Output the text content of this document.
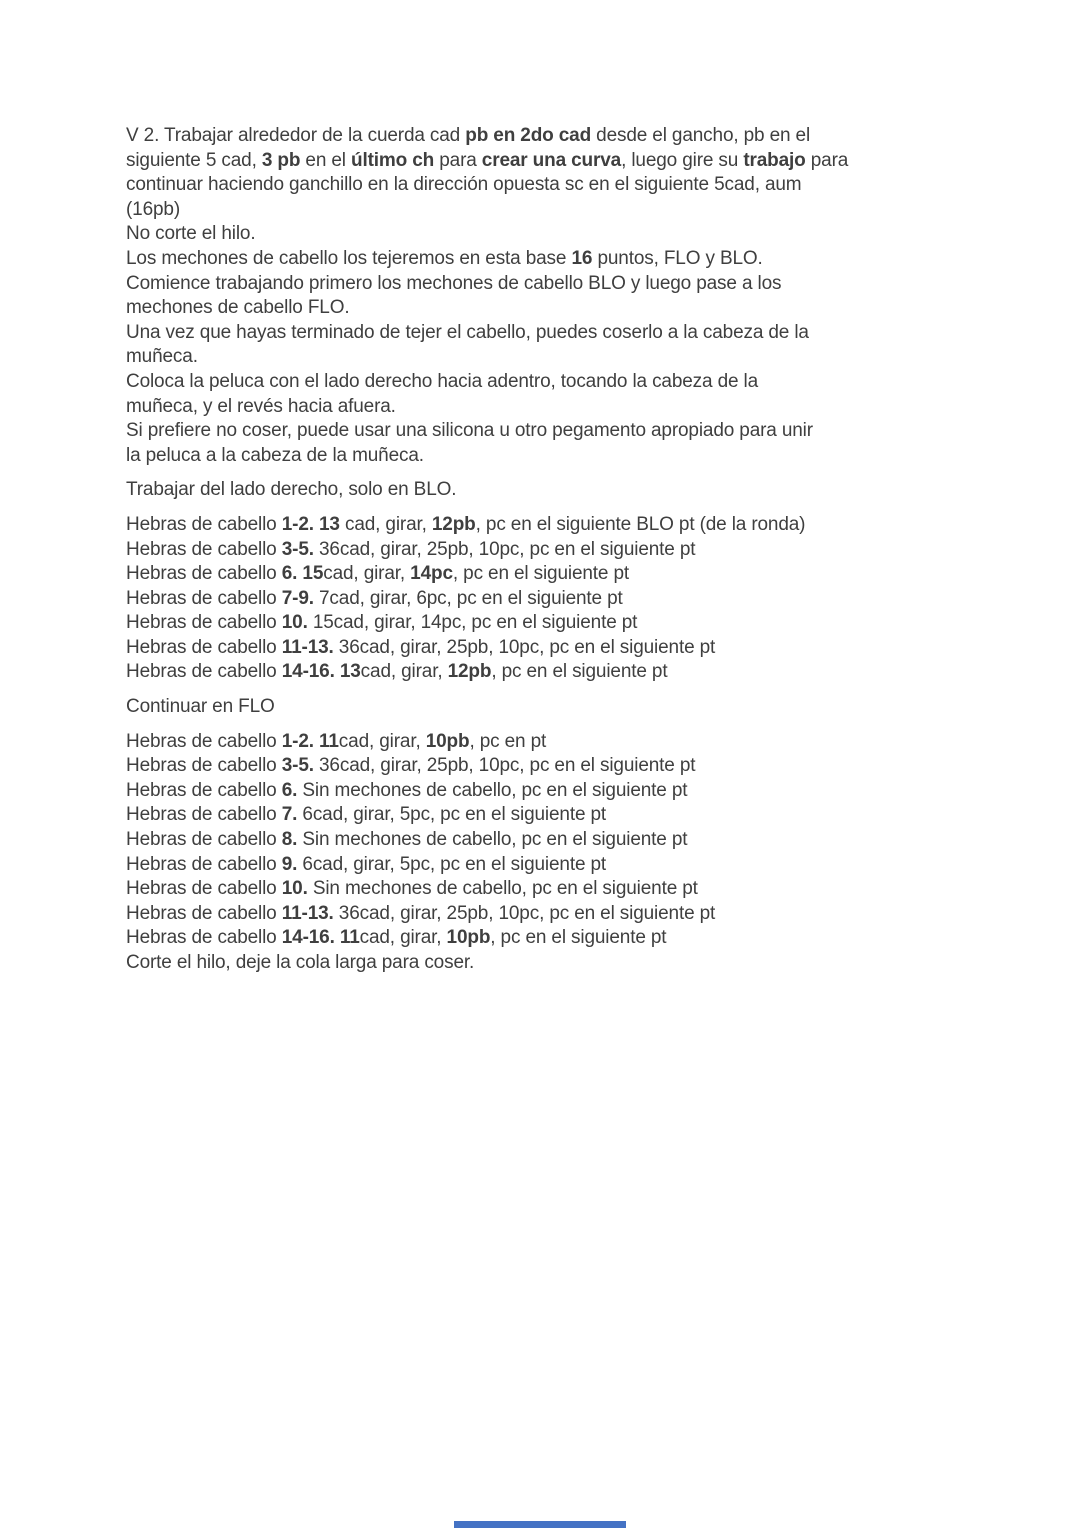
V 2. Trabajar alrededor de la cuerda cad pb en 2do cad desde el gancho, pb en el
siguiente 5 cad, 3 pb en el último ch para crear una curva, luego gire su trabajo para
continuar haciendo ganchillo en la dirección opuesta sc en el siguiente 5cad, aum
(16pb)
No corte el hilo.
Los mechones de cabello los tejeremos en esta base 16 puntos, FLO y BLO.
Comience trabajando primero los mechones de cabello BLO y luego pase a los
mechones de cabello FLO.
Una vez que hayas terminado de tejer el cabello, puedes coserlo a la cabeza de la
muñeca.
Coloca la peluca con el lado derecho hacia adentro, tocando la cabeza de la
muñeca, y el revés hacia afuera.
Si prefiere no coser, puede usar una silicona u otro pegamento apropiado para unir
la peluca a la cabeza de la muñeca.
Trabajar del lado derecho, solo en BLO.
Hebras de cabello 1-2. 13 cad, girar, 12pb, pc en el siguiente BLO pt (de la ronda)
Hebras de cabello 3-5. 36cad, girar, 25pb, 10pc, pc en el siguiente pt
Hebras de cabello 6. 15cad, girar, 14pc, pc en el siguiente pt
Hebras de cabello 7-9. 7cad, girar, 6pc, pc en el siguiente pt
Hebras de cabello 10. 15cad, girar, 14pc, pc en el siguiente pt
Hebras de cabello 11-13. 36cad, girar, 25pb, 10pc, pc en el siguiente pt
Hebras de cabello 14-16. 13cad, girar, 12pb, pc en el siguiente pt
Continuar en FLO
Hebras de cabello 1-2. 11cad, girar, 10pb, pc en pt
Hebras de cabello 3-5. 36cad, girar, 25pb, 10pc, pc en el siguiente pt
Hebras de cabello 6. Sin mechones de cabello, pc en el siguiente pt
Hebras de cabello 7. 6cad, girar, 5pc, pc en el siguiente pt
Hebras de cabello 8. Sin mechones de cabello, pc en el siguiente pt
Hebras de cabello 9. 6cad, girar, 5pc, pc en el siguiente pt
Hebras de cabello 10. Sin mechones de cabello, pc en el siguiente pt
Hebras de cabello 11-13. 36cad, girar, 25pb, 10pc, pc en el siguiente pt
Hebras de cabello 14-16. 11cad, girar, 10pb, pc en el siguiente pt
Corte el hilo, deje la cola larga para coser.
